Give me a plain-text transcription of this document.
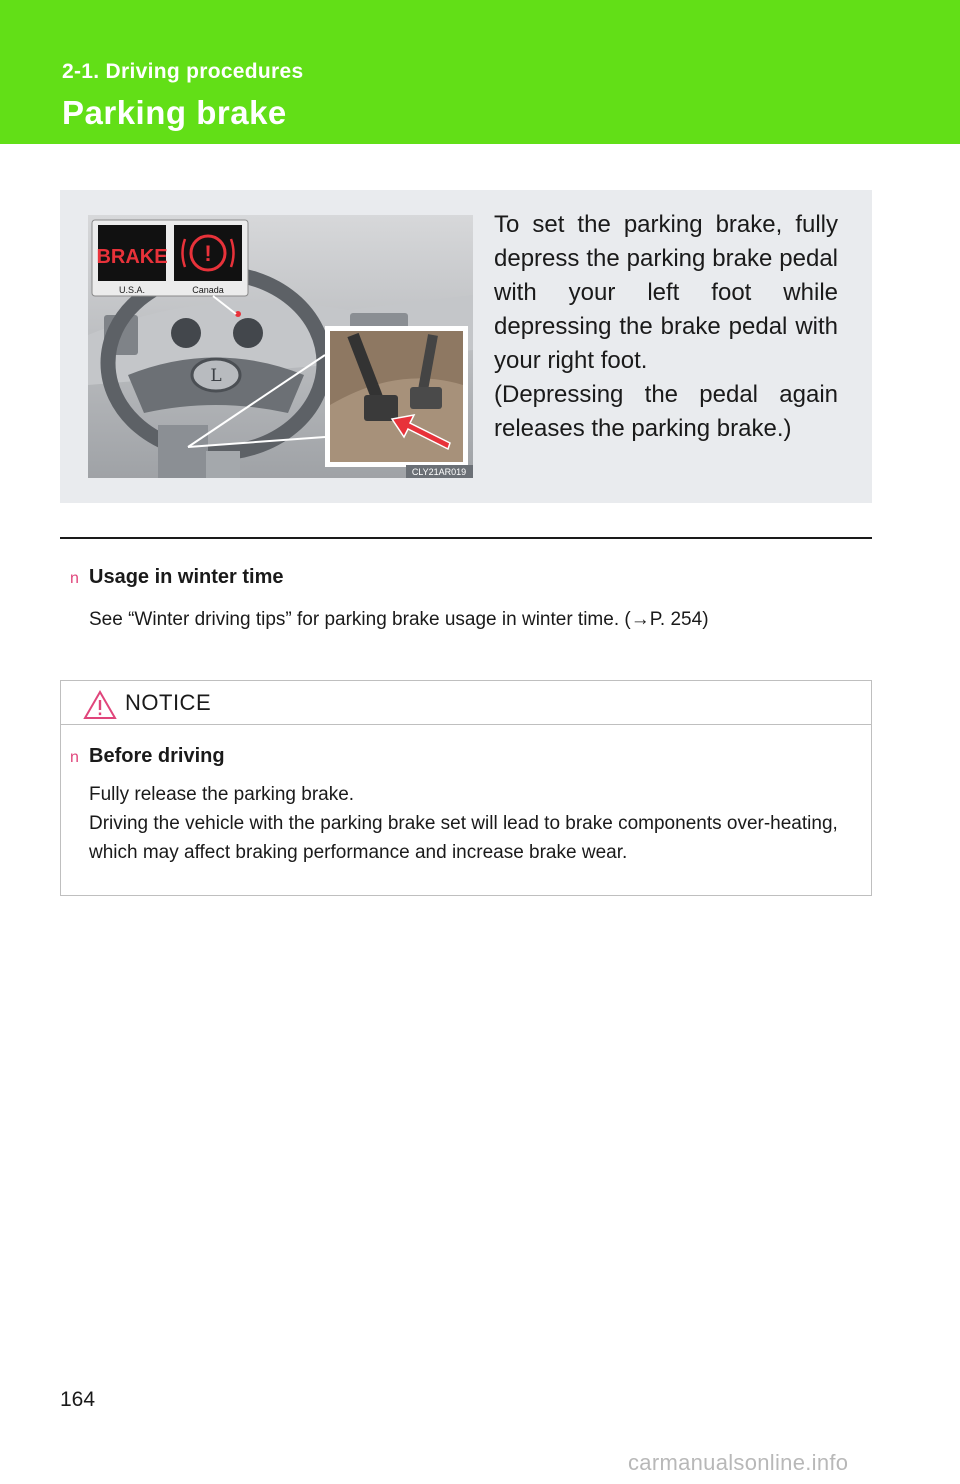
2-1. Driving procedures
Parking brake
L
BRAKE !
U.S.A.	Canada
CLY21AR019

To set the parking brake, fully depress the parking brake pedal with your left foot while depressing the brake pedal with your right foot.

(Depressing the pedal again releases the parking brake.)

n Usage in winter time
See “Winter driving tips” for parking brake usage in winter time. (→P. 254)
NOTICE
n Before driving
Fully release the parking brake.
Driving the vehicle with the parking brake set will lead to brake components over-heating, which may affect braking performance and increase brake wear.
164
carmanualsonline.info
